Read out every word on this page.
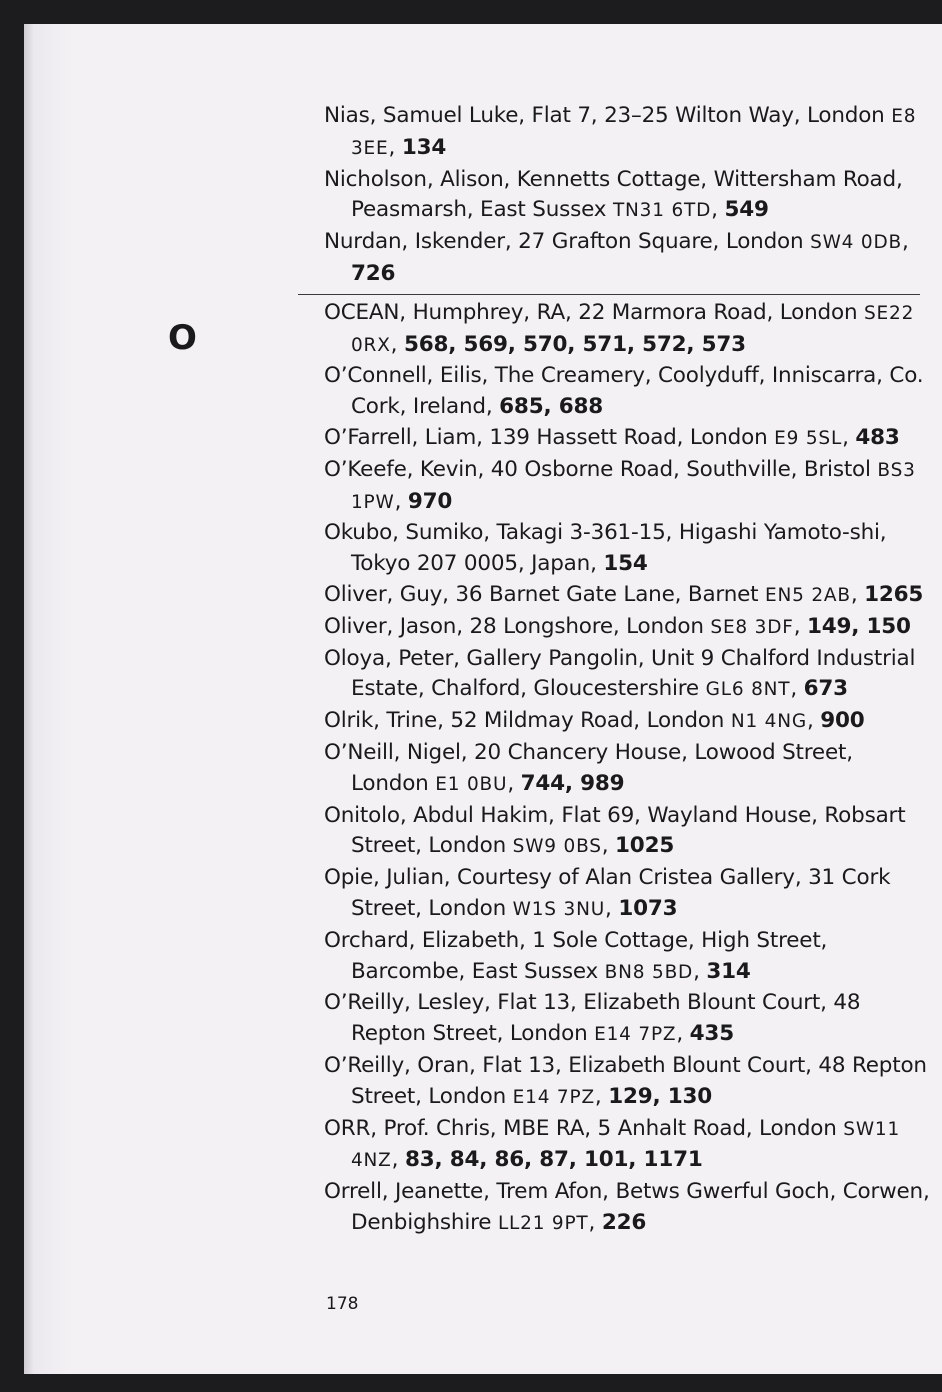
O
Nias, Samuel Luke, Flat 7, 23–25 Wilton Way, London E8 3EE, 134
Nicholson, Alison, Kennetts Cottage, Wittersham Road, Peasmarsh, East Sussex TN31 6TD, 549
Nurdan, Iskender, 27 Grafton Square, London SW4 0DB, 726
OCEAN, Humphrey, RA, 22 Marmora Road, London SE22 0RX, 568, 569, 570, 571, 572, 573
O’Connell, Eilis, The Creamery, Coolyduff, Inniscarra, Co. Cork, Ireland, 685, 688
O’Farrell, Liam, 139 Hassett Road, London E9 5SL, 483
O’Keefe, Kevin, 40 Osborne Road, Southville, Bristol BS3 1PW, 970
Okubo, Sumiko, Takagi 3-361-15, Higashi Yamoto-shi, Tokyo 207 0005, Japan, 154
Oliver, Guy, 36 Barnet Gate Lane, Barnet EN5 2AB, 1265
Oliver, Jason, 28 Longshore, London SE8 3DF, 149, 150
Oloya, Peter, Gallery Pangolin, Unit 9 Chalford Industrial Estate, Chalford, Gloucestershire GL6 8NT, 673
Olrik, Trine, 52 Mildmay Road, London N1 4NG, 900
O’Neill, Nigel, 20 Chancery House, Lowood Street, London E1 0BU, 744, 989
Onitolo, Abdul Hakim, Flat 69, Wayland House, Robsart Street, London SW9 0BS, 1025
Opie, Julian, Courtesy of Alan Cristea Gallery, 31 Cork Street, London W1S 3NU, 1073
Orchard, Elizabeth, 1 Sole Cottage, High Street, Barcombe, East Sussex BN8 5BD, 314
O’Reilly, Lesley, Flat 13, Elizabeth Blount Court, 48 Repton Street, London E14 7PZ, 435
O’Reilly, Oran, Flat 13, Elizabeth Blount Court, 48 Repton Street, London E14 7PZ, 129, 130
ORR, Prof. Chris, MBE RA, 5 Anhalt Road, London SW11 4NZ, 83, 84, 86, 87, 101, 1171
Orrell, Jeanette, Trem Afon, Betws Gwerful Goch, Corwen, Denbighshire LL21 9PT, 226
178
